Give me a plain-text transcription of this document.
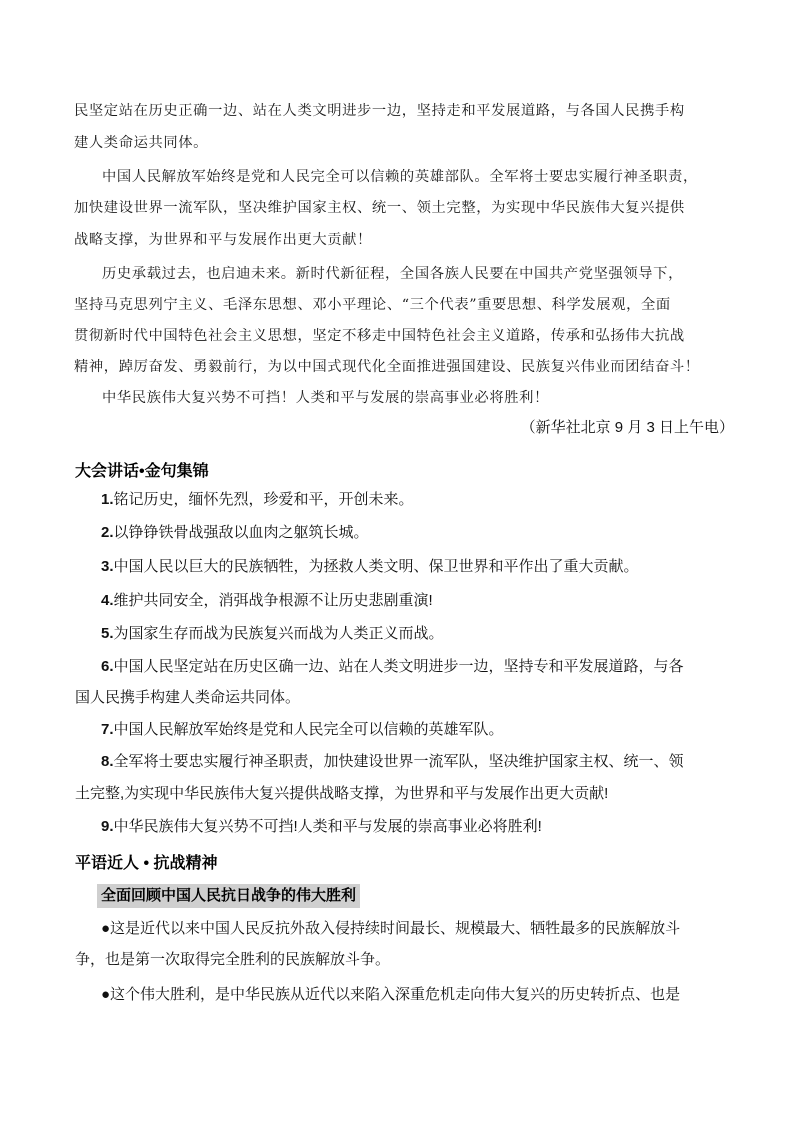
民坚定站在历史正确一边、站在人类文明进步一边，坚持走和平发展道路，与各国人民携手构
建人类命运共同体。
中国人民解放军始终是党和人民完全可以信赖的英雄部队。全军将士要忠实履行神圣职责，
加快建设世界一流军队，坚决维护国家主权、统一、领土完整，为实现中华民族伟大复兴提供
战略支撑，为世界和平与发展作出更大贡献！
历史承载过去，也启迪未来。新时代新征程，全国各族人民要在中国共产党坚强领导下，
坚持马克思列宁主义、毛泽东思想、邓小平理论、“三个代表”重要思想、科学发展观，全面
贯彻新时代中国特色社会主义思想，坚定不移走中国特色社会主义道路，传承和弘扬伟大抗战
精神，踔厉奋发、勇毅前行，为以中国式现代化全面推进强国建设、民族复兴伟业而团结奋斗！
中华民族伟大复兴势不可挡！人类和平与发展的崇高事业必将胜利！
（新华社北京 9 月 3 日上午电）
大会讲话•金句集锦
1.铭记历史，缅怀先烈，珍爱和平，开创未来。
2.以铮铮铁骨战强敌以血肉之躯筑长城。
3.中国人民以巨大的民族牺牲，为拯救人类文明、保卫世界和平作出了重大贡献。
4.维护共同安全，消弭战争根源不让历史悲剧重演!
5.为国家生存而战为民族复兴而战为人类正义而战。
6.中国人民坚定站在历史区确一边、站在人类文明进步一边，坚持专和平发展道路，与各
国人民携手构建人类命运共同体。
7.中国人民解放军始终是党和人民完全可以信赖的英雄军队。
8.全军将士要忠实履行神圣职责，加快建设世界一流军队，坚决维护国家主权、统一、领
土完整,为实现中华民族伟大复兴提供战略支撑，为世界和平与发展作出更大贡献!
9.中华民族伟大复兴势不可挡!人类和平与发展的崇高事业必将胜利!
平语近人 • 抗战精神
全面回顾中国人民抗日战争的伟大胜利
●这是近代以来中国人民反抗外敌入侵持续时间最长、规模最大、牺牲最多的民族解放斗
争，也是第一次取得完全胜利的民族解放斗争。
●这个伟大胜利，是中华民族从近代以来陷入深重危机走向伟大复兴的历史转折点、也是
